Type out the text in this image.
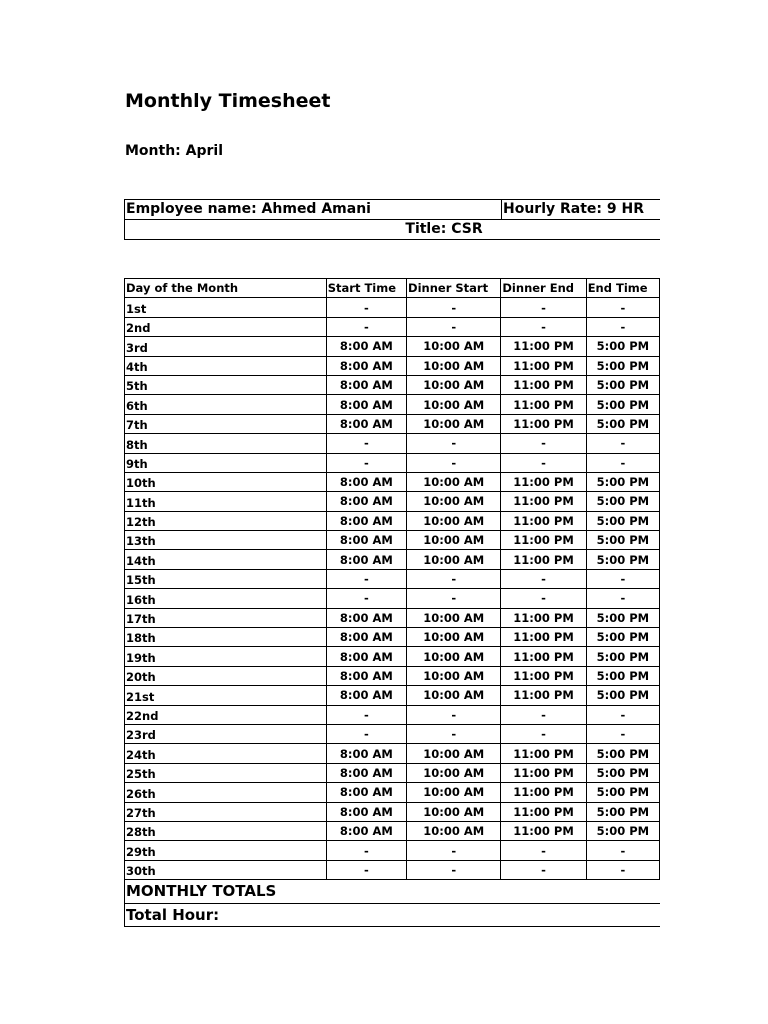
Monthly Timesheet
Month: April
Employee name: Ahmed Amani	Hourly Rate: 9 HR
Title: CSR
Day of the Month	Start Time	Dinner Start	Dinner End	End Time
1st	-	-	-	-
2nd	-	-	-	-
3rd	8:00 AM	10:00 AM	11:00 PM	5:00 PM
4th	8:00 AM	10:00 AM	11:00 PM	5:00 PM
5th	8:00 AM	10:00 AM	11:00 PM	5:00 PM
6th	8:00 AM	10:00 AM	11:00 PM	5:00 PM
7th	8:00 AM	10:00 AM	11:00 PM	5:00 PM
8th	-	-	-	-
9th	-	-	-	-
10th	8:00 AM	10:00 AM	11:00 PM	5:00 PM
11th	8:00 AM	10:00 AM	11:00 PM	5:00 PM
12th	8:00 AM	10:00 AM	11:00 PM	5:00 PM
13th	8:00 AM	10:00 AM	11:00 PM	5:00 PM
14th	8:00 AM	10:00 AM	11:00 PM	5:00 PM
15th	-	-	-	-
16th	-	-	-	-
17th	8:00 AM	10:00 AM	11:00 PM	5:00 PM
18th	8:00 AM	10:00 AM	11:00 PM	5:00 PM
19th	8:00 AM	10:00 AM	11:00 PM	5:00 PM
20th	8:00 AM	10:00 AM	11:00 PM	5:00 PM
21st	8:00 AM	10:00 AM	11:00 PM	5:00 PM
22nd	-	-	-	-
23rd	-	-	-	-
24th	8:00 AM	10:00 AM	11:00 PM	5:00 PM
25th	8:00 AM	10:00 AM	11:00 PM	5:00 PM
26th	8:00 AM	10:00 AM	11:00 PM	5:00 PM
27th	8:00 AM	10:00 AM	11:00 PM	5:00 PM
28th	8:00 AM	10:00 AM	11:00 PM	5:00 PM
29th	-	-	-	-
30th	-	-	-	-
MONTHLY TOTALS
Total Hour:
